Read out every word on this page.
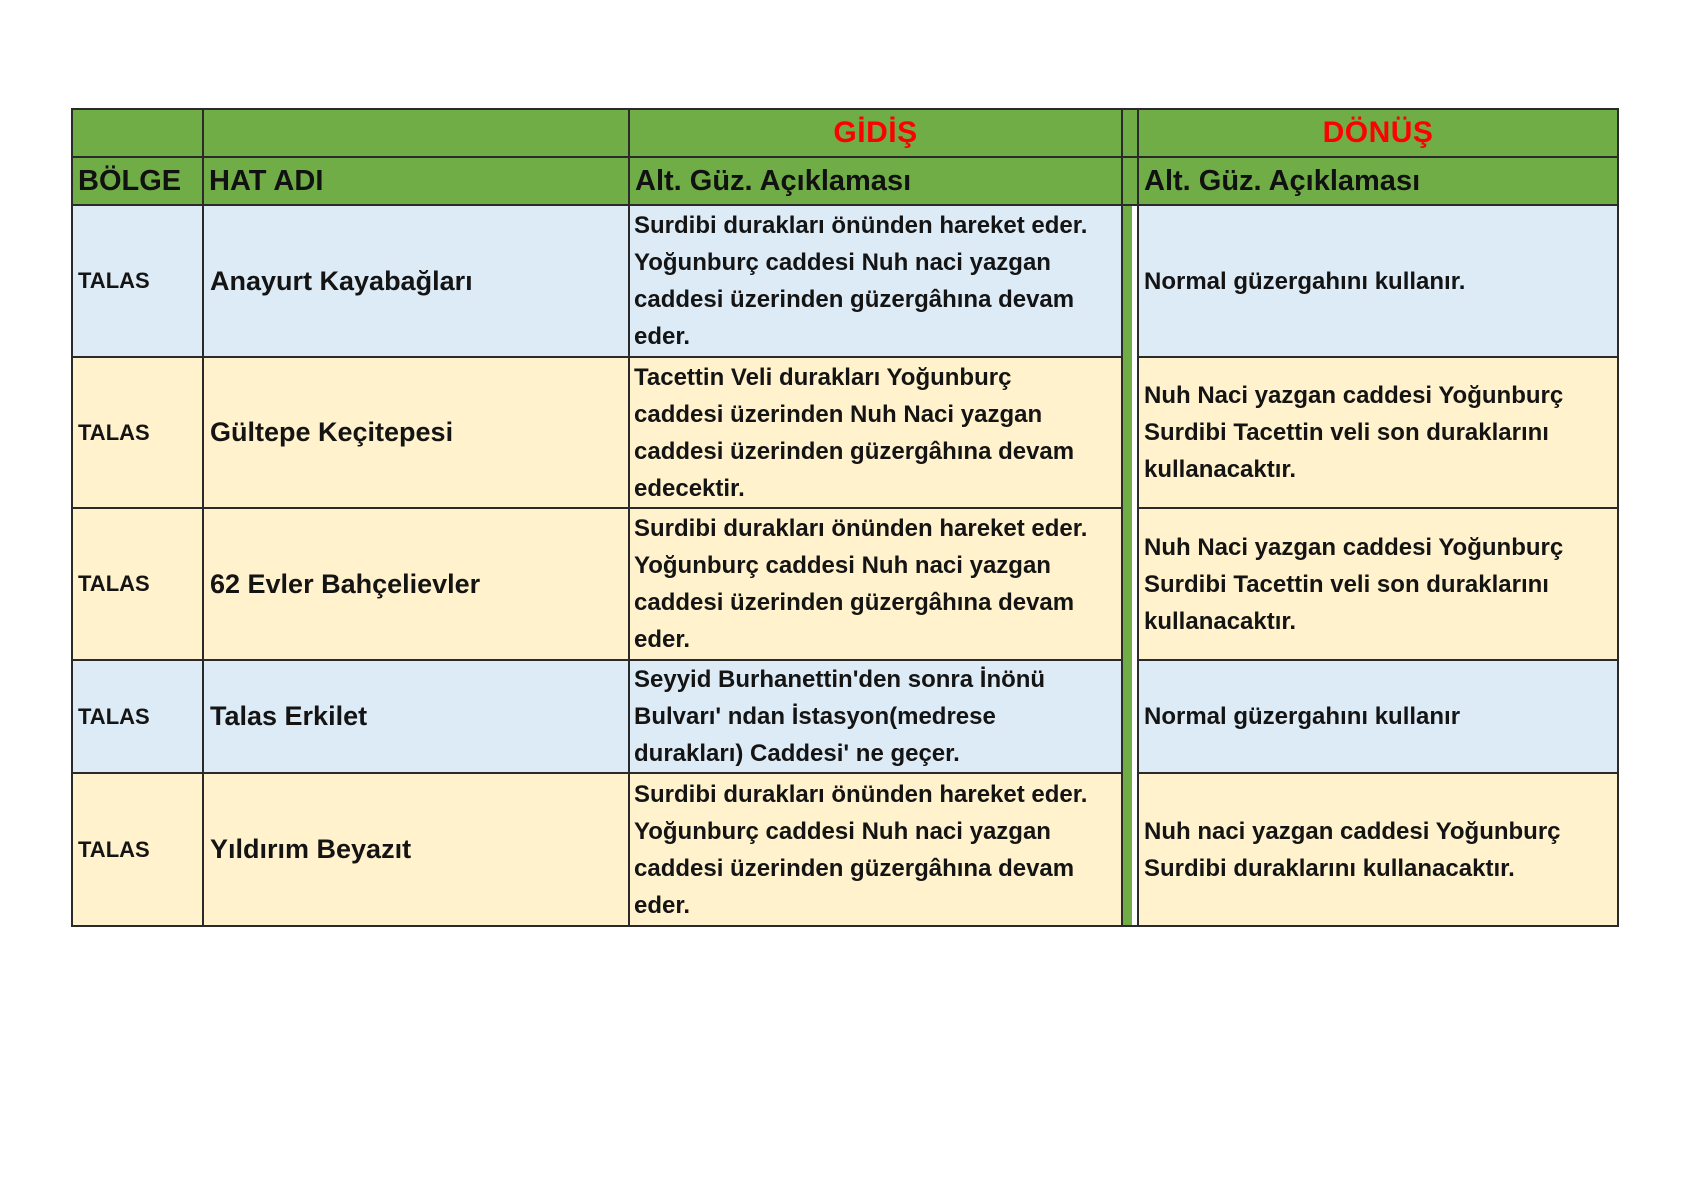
		GİDİŞ		DÖNÜŞ
BÖLGE	HAT ADI	Alt. Güz. Açıklaması		Alt. Güz. Açıklaması
TALAS	Anayurt Kayabağları	Surdibi durakları önünden hareket eder.
Yoğunburç caddesi Nuh naci yazgan
caddesi üzerinden güzergâhına devam
eder.		Normal güzergahını kullanır.

TALAS	Gültepe Keçitepesi	Tacettin Veli durakları Yoğunburç
caddesi üzerinden Nuh Naci yazgan
caddesi üzerinden güzergâhına devam
edecektir.		Nuh Naci yazgan caddesi Yoğunburç
Surdibi Tacettin veli son duraklarını
kullanacaktır.

TALAS	62 Evler Bahçelievler	Surdibi durakları önünden hareket eder.
Yoğunburç caddesi Nuh naci yazgan
caddesi üzerinden güzergâhına devam
eder.		Nuh Naci yazgan caddesi Yoğunburç
Surdibi Tacettin veli son duraklarını
kullanacaktır.

TALAS	Talas Erkilet	Seyyid Burhanettin'den sonra İnönü
Bulvarı' ndan İstasyon(medrese
durakları) Caddesi' ne geçer.		Normal güzergahını kullanır

TALAS	Yıldırım Beyazıt	Surdibi durakları önünden hareket eder.
Yoğunburç caddesi Nuh naci yazgan
caddesi üzerinden güzergâhına devam
eder.		Nuh naci yazgan caddesi Yoğunburç
Surdibi duraklarını kullanacaktır.
